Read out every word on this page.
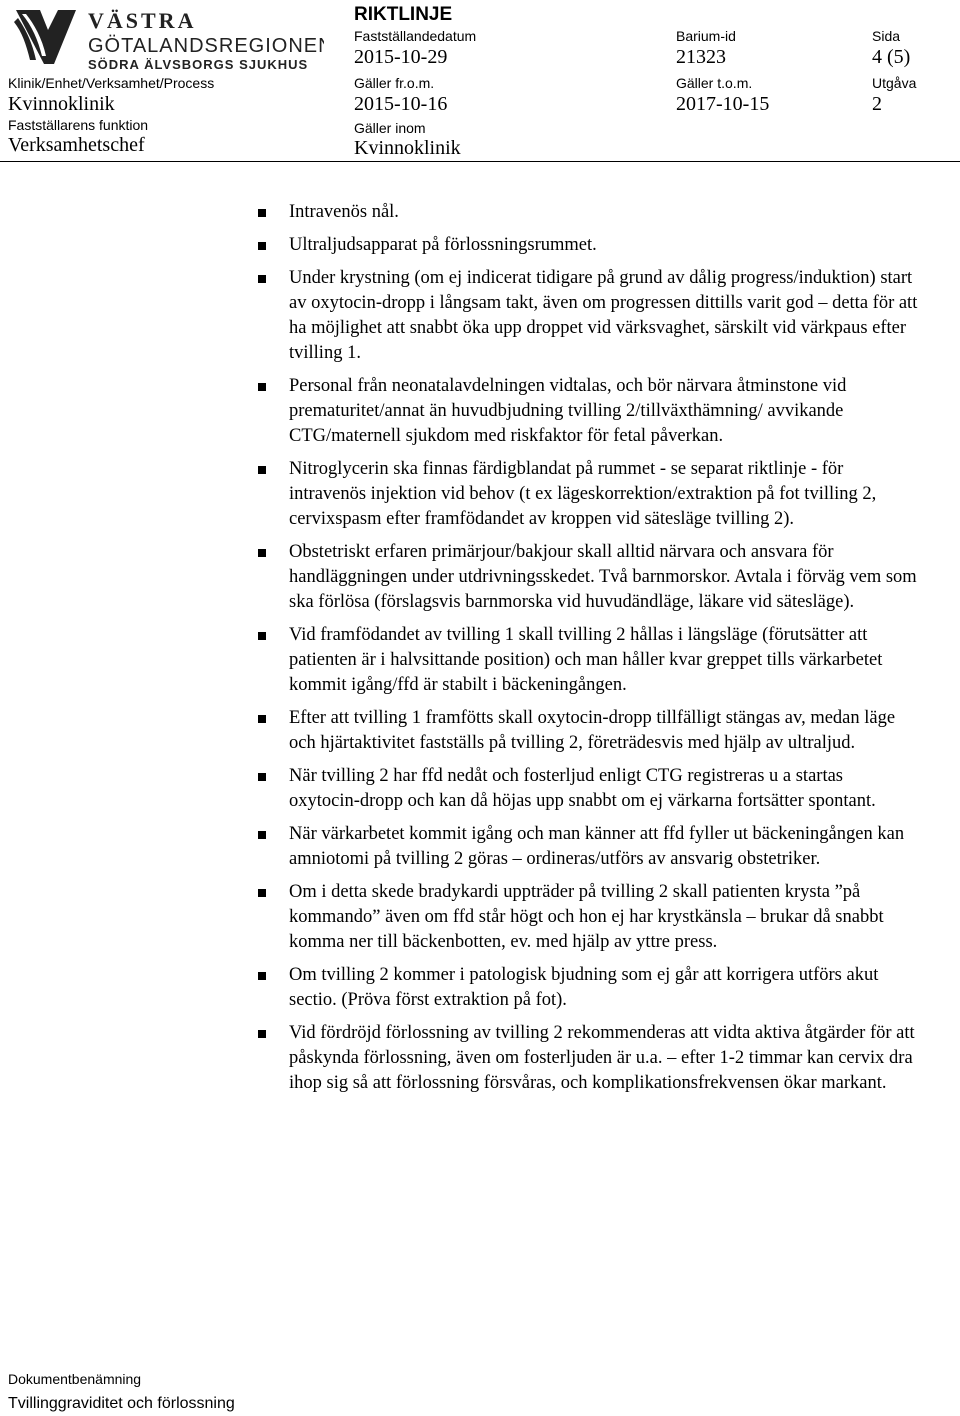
VÄSTRA
GÖTALANDSREGIONEN
SÖDRA ÄLVSBORGS SJUKHUS
RIKTLINJE
Fastställandedatum
2015-10-29
Barium-id
21323
Sida
4 (5)
Klinik/Enhet/Verksamhet/Process
Kvinnoklinik
Gäller fr.o.m.
2015-10-16
Gäller t.o.m.
2017-10-15
Utgåva
2
Fastställarens funktion
Verksamhetschef
Gäller inom
Kvinnoklinik
Intravenös nål.
Ultraljudsapparat på förlossningsrummet.
Under krystning (om ej indicerat tidigare på grund av dålig progress/induktion) start av oxytocin-dropp i långsam takt, även om progressen dittills varit god – detta för att ha möjlighet att snabbt öka upp droppet vid värksvaghet, särskilt vid värkpaus efter tvilling 1.
Personal från neonatalavdelningen vidtalas, och bör närvara åtminstone vid prematuritet/annat än huvudbjudning tvilling 2/tillväxthämning/ avvikande CTG/maternell sjukdom med riskfaktor för fetal påverkan.
Nitroglycerin ska finnas färdigblandat på rummet - se separat riktlinje - för intravenös injektion vid behov (t ex lägeskorrektion/extraktion på fot tvilling 2, cervixspasm efter framfödandet av kroppen vid sätesläge tvilling 2).
Obstetriskt erfaren primärjour/bakjour skall alltid närvara och ansvara för handläggningen under utdrivningsskedet. Två barnmorskor. Avtala i förväg vem som ska förlösa (förslagsvis barnmorska vid huvudändläge, läkare vid sätesläge).
Vid framfödandet av tvilling 1 skall tvilling 2 hållas i längsläge (förutsätter att patienten är i halvsittande position) och man håller kvar greppet tills värkarbetet kommit igång/ffd är stabilt i bäckeningången.
Efter att tvilling 1 framfötts skall oxytocin-dropp tillfälligt stängas av, medan läge och hjärtaktivitet fastställs på tvilling 2, företrädesvis med hjälp av ultraljud.
När tvilling 2 har ffd nedåt och fosterljud enligt CTG registreras u a startas oxytocin-dropp och kan då höjas upp snabbt om ej värkarna fortsätter spontant.
När värkarbetet kommit igång och man känner att ffd fyller ut bäckeningången kan amniotomi på tvilling 2 göras – ordineras/utförs av ansvarig obstetriker.
Om i detta skede bradykardi uppträder på tvilling 2 skall patienten krysta ”på kommando” även om ffd står högt och hon ej har krystkänsla – brukar då snabbt komma ner till bäckenbotten, ev. med hjälp av yttre press.
Om tvilling 2 kommer i patologisk bjudning som ej går att korrigera utförs akut sectio. (Pröva först extraktion på fot).
Vid fördröjd förlossning av tvilling 2 rekommenderas att vidta aktiva åtgärder för att påskynda förlossning, även om fosterljuden är u.a. – efter 1-2 timmar kan cervix dra ihop sig så att förlossning försvåras, och komplikationsfrekvensen ökar markant.
Dokumentbenämning
Tvillinggraviditet och förlossning
